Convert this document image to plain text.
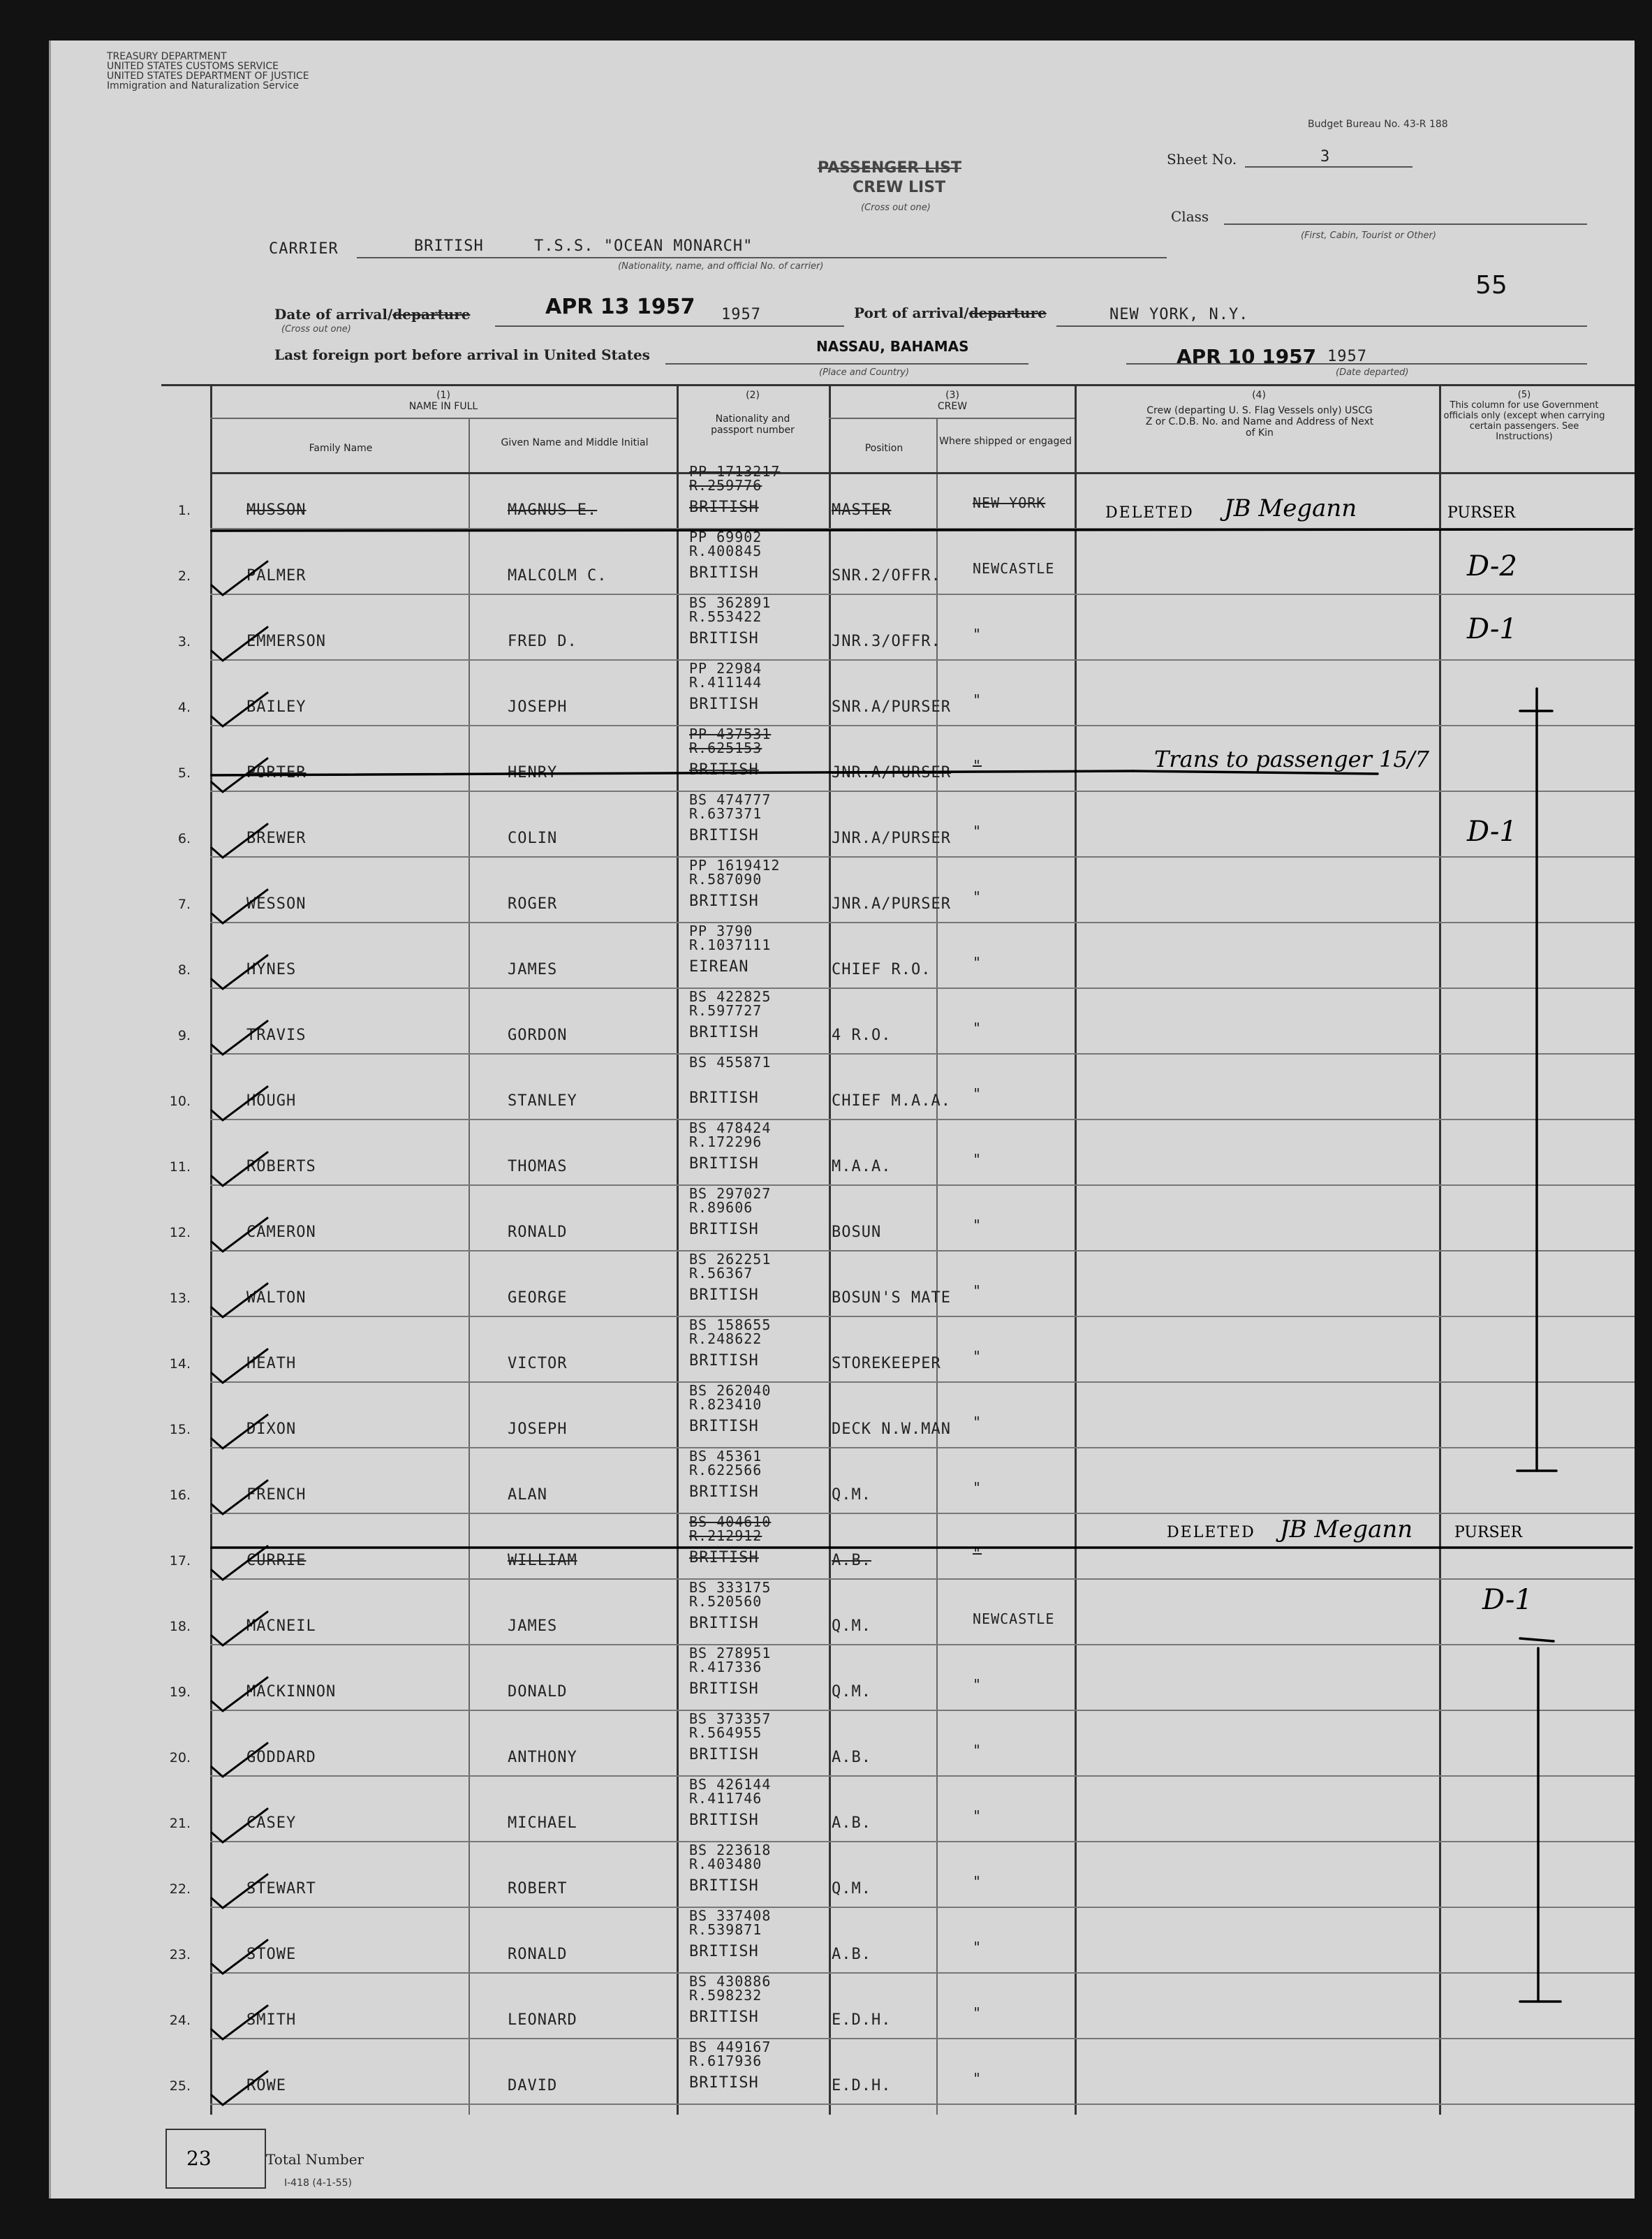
TREASURY DEPARTMENT
UNITED STATES CUSTOMS SERVICE
UNITED STATES DEPARTMENT OF JUSTICE
Immigration and Naturalization Service
Budget Bureau No. 43-R 188
PASSENGER LIST
CREW LIST
(Cross out one)
Sheet No.	3
Class
(First, Cabin, Tourist or Other)
CARRIER	BRITISH	T.S.S. "OCEAN MONARCH"
(Nationality, name, and official No. of carrier)
55
Date of arrival/departure
(Cross out one)
APR 13 1957 1957	Port of arrival/departure	NEW YORK, N.Y.
Last foreign port before arrival in United States	NASSAU, BAHAMAS
(Place and Country)
APR 10 1957 1957
(Date departed)
(1)
NAME IN FULL
Family Name	Given Name and Middle Initial
(2)
Nationality and passport number
(3)
CREW
Position
Where shipped or engaged
(4)
Crew (departing U. S. Flag Vessels only) USCG Z or C.D.B. No. and Name and Address of Next of Kin
(5)
This column for use Government officials only (except when carrying certain passengers. See Instructions)
1.	MUSSON	MAGNUS E.
PP 1713217
R.259776
BRITISH	MASTER	NEW YORK
2.	PALMER	MALCOLM C.
PP 69902
R.400845
BRITISH	SNR.2/OFFR. NEWCASTLE
3.	EMMERSON	FRED D.
BS 362891
R.553422
BRITISH	JNR.3/OFFR. "
4.	BAILEY	JOSEPH
PP 22984
R.411144
BRITISH	SNR.A/PURSER "
5.	PORTER	HENRY
PP 437531
R.625153
BRITISH	JNR.A/PURSER "
6.	BREWER	COLIN
BS 474777
R.637371
BRITISH	JNR.A/PURSER "
7.	WESSON	ROGER
PP 1619412
R.587090
BRITISH	JNR.A/PURSER "
8.	HYNES	JAMES
PP 3790
R.1037111
EIREAN	CHIEF R.O.	"
9.	TRAVIS	GORDON
BS 422825
R.597727
BRITISH	4 R.O.	"
10.	HOUGH	STANLEY
BS 455871
BRITISH	CHIEF M.A.A. "
11.	ROBERTS	THOMAS
BS 478424
R.172296
BRITISH	M.A.A.	"
12.	CAMERON	RONALD
BS 297027
R.89606
BRITISH	BOSUN	"
13.	WALTON	GEORGE
BS 262251
R.56367
BRITISH	BOSUN'S MATE "
14.	HEATH	VICTOR
BS 158655
R.248622
BRITISH	STOREKEEPER "
15.	DIXON	JOSEPH
BS 262040
R.823410
BRITISH	DECK N.W.MAN "
16.	FRENCH	ALAN
BS 45361
R.622566
BRITISH	Q.M.	"
17.	CURRIE	WILLIAM
BS 404610
R.212912
BRITISH	A.B.	"
18.	MACNEIL	JAMES
BS 333175
R.520560
BRITISH	Q.M.	NEWCASTLE
19.	MACKINNON	DONALD
BS 278951
R.417336
BRITISH	Q.M.	"
20.	GODDARD	ANTHONY
BS 373357
R.564955
BRITISH	A.B.	"
21.	CASEY	MICHAEL
BS 426144
R.411746
BRITISH	A.B.	"
22.	STEWART	ROBERT
BS 223618
R.403480
BRITISH	Q.M.	"
23.	STOWE	RONALD
BS 337408
R.539871
BRITISH	A.B.	"
24.	SMITH	LEONARD
BS 430886
R.598232
BRITISH	E.D.H.	"
25.	ROWE	DAVID
BS 449167
R.617936
BRITISH	E.D.H.	"
DELETED JB Megann	PURSER
D-2
D-1
Trans to passenger 15/7
D-1
DELETED JB Megann	PURSER
D-1
23	Total Number
I-418 (4-1-55)
